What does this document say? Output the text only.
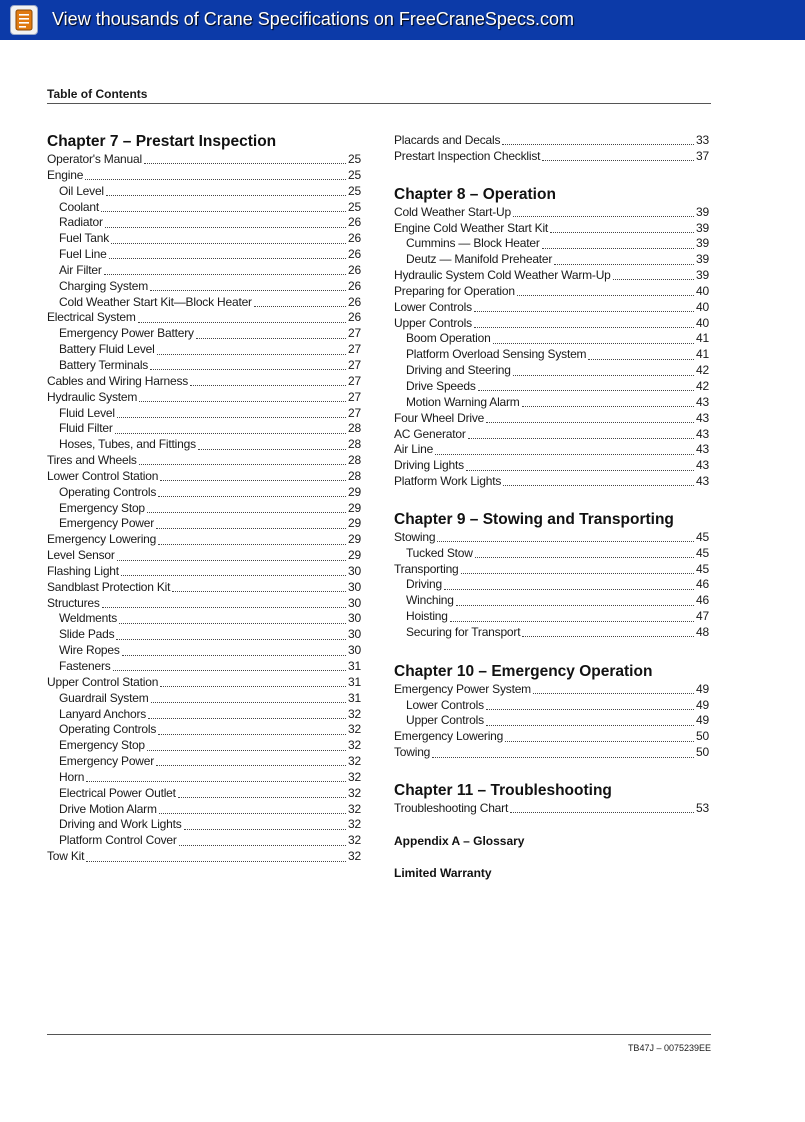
View thousands of Crane Specifications on FreeCraneSpecs.com
Table of Contents
Chapter 7 – Prestart Inspection
Operator's Manual	25
Engine	25
Oil Level	25
Coolant	25
Radiator	26
Fuel Tank	26
Fuel Line	26
Air Filter	26
Charging System	26
Cold Weather Start Kit—Block Heater	26
Electrical System	26
Emergency Power Battery	27
Battery Fluid Level	27
Battery Terminals	27
Cables and Wiring Harness	27
Hydraulic System	27
Fluid Level	27
Fluid Filter	28
Hoses, Tubes, and Fittings	28
Tires and Wheels	28
Lower Control Station	28
Operating Controls	29
Emergency Stop	29
Emergency Power	29
Emergency Lowering	29
Level Sensor	29
Flashing Light	30
Sandblast Protection Kit	30
Structures	30
Weldments	30
Slide Pads	30
Wire Ropes	30
Fasteners	31
Upper Control Station	31
Guardrail System	31
Lanyard Anchors	32
Operating Controls	32
Emergency Stop	32
Emergency Power	32
Horn	32
Electrical Power Outlet	32
Drive Motion Alarm	32
Driving and Work Lights	32
Platform Control Cover	32
Tow Kit	32
Placards and Decals	33
Prestart Inspection Checklist	37
Chapter 8 – Operation
Cold Weather Start-Up	39
Engine Cold Weather Start Kit	39
Cummins — Block Heater	39
Deutz — Manifold Preheater	39
Hydraulic System Cold Weather Warm-Up	39
Preparing for Operation	40
Lower Controls	40
Upper Controls	40
Boom Operation	41
Platform Overload Sensing System	41
Driving and Steering	42
Drive Speeds	42
Motion Warning Alarm	43
Four Wheel Drive	43
AC Generator	43
Air Line	43
Driving Lights	43
Platform Work Lights	43
Chapter 9 – Stowing and Transporting
Stowing	45
Tucked Stow	45
Transporting	45
Driving	46
Winching	46
Hoisting	47
Securing for Transport	48
Chapter 10 – Emergency Operation
Emergency Power System	49
Lower Controls	49
Upper Controls	49
Emergency Lowering	50
Towing	50
Chapter 11 – Troubleshooting
Troubleshooting Chart	53
Appendix A – Glossary
Limited Warranty
TB47J – 0075239EE
